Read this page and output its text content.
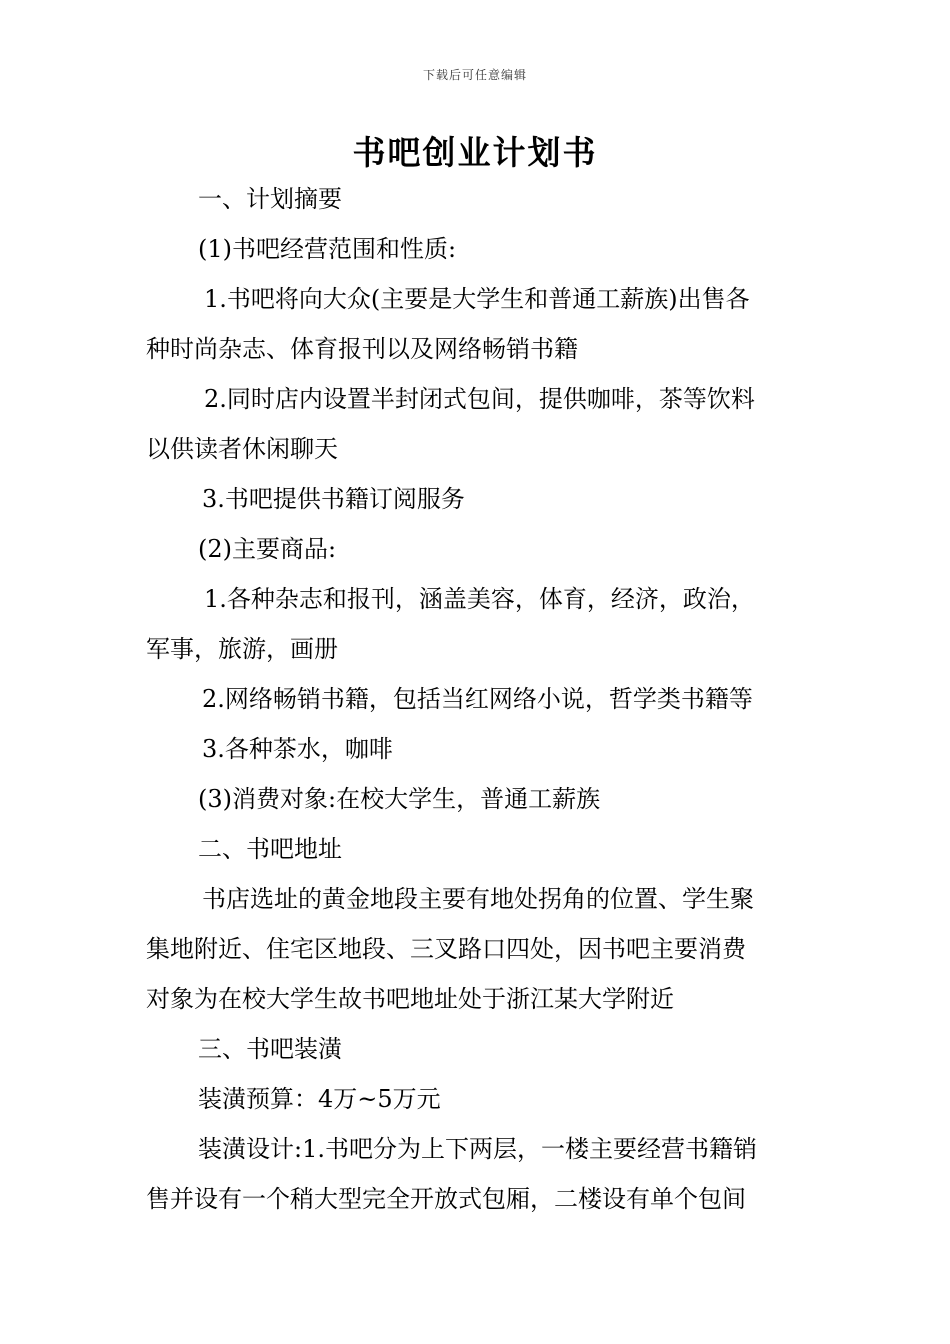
下载后可任意编辑
书吧创业计划书

一、计划摘要

(1)书吧经营范围和性质:

1.书吧将向大众(主要是大学生和普通工薪族)出售各

种时尚杂志、体育报刊以及网络畅销书籍

2.同时店内设置半封闭式包间，提供咖啡，茶等饮料

以供读者休闲聊天

3.书吧提供书籍订阅服务

(2)主要商品:

1.各种杂志和报刊，涵盖美容，体育，经济，政治，

军事，旅游，画册

2.网络畅销书籍，包括当红网络小说，哲学类书籍等

3.各种茶水，咖啡

(3)消费对象:在校大学生，普通工薪族

二、书吧地址

书店选址的黄金地段主要有地处拐角的位置、学生聚

集地附近、住宅区地段、三叉路口四处，因书吧主要消费

对象为在校大学生故书吧地址处于浙江某大学附近

三、书吧装潢

装潢预算：4万~5万元

装潢设计:1.书吧分为上下两层，一楼主要经营书籍销

售并设有一个稍大型完全开放式包厢，二楼设有单个包间
